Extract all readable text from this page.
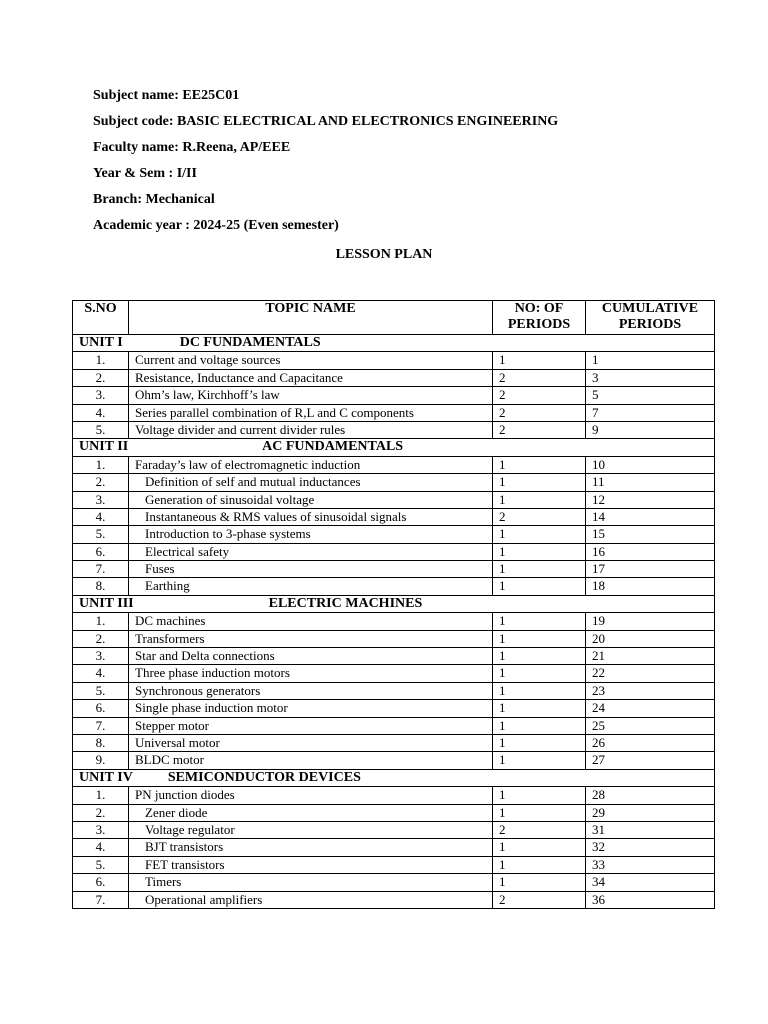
Subject name: EE25C01
Subject code: BASIC ELECTRICAL AND ELECTRONICS ENGINEERING
Faculty name: R.Reena, AP/EEE
Year & Sem : I/II
Branch: Mechanical
Academic year : 2024-25 (Even semester)
LESSON PLAN
S.NO	TOPIC NAME	NO: OF PERIODS	CUMULATIVE PERIODS
UNIT I DC FUNDAMENTALS			
1.	Current and voltage sources	1	1
2.	Resistance, Inductance and Capacitance	2	3
3.	Ohm’s law, Kirchhoff’s law	2	5
4.	Series parallel combination of R,L and C components	2	7
5.	Voltage divider and current divider rules	2	9
UNIT II AC FUNDAMENTALS			
1.	Faraday’s law of electromagnetic induction	1	10
2.	Definition of self and mutual inductances	1	11
3.	Generation of sinusoidal voltage	1	12
4.	Instantaneous & RMS values of sinusoidal signals	2	14
5.	Introduction to 3-phase systems	1	15
6.	Electrical safety	1	16
7.	Fuses	1	17
8.	Earthing	1	18
UNIT III ELECTRIC MACHINES			
1.	DC machines	1	19
2.	Transformers	1	20
3.	Star and Delta connections	1	21
4.	Three phase induction motors	1	22
5.	Synchronous generators	1	23
6.	Single phase induction motor	1	24
7.	Stepper motor	1	25
8.	Universal motor	1	26
9.	BLDC motor	1	27
UNIT IV SEMICONDUCTOR DEVICES			
1.	PN junction diodes	1	28
2.	Zener diode	1	29
3.	Voltage regulator	2	31
4.	BJT transistors	1	32
5.	FET transistors	1	33
6.	Timers	1	34
7.	Operational amplifiers	2	36
